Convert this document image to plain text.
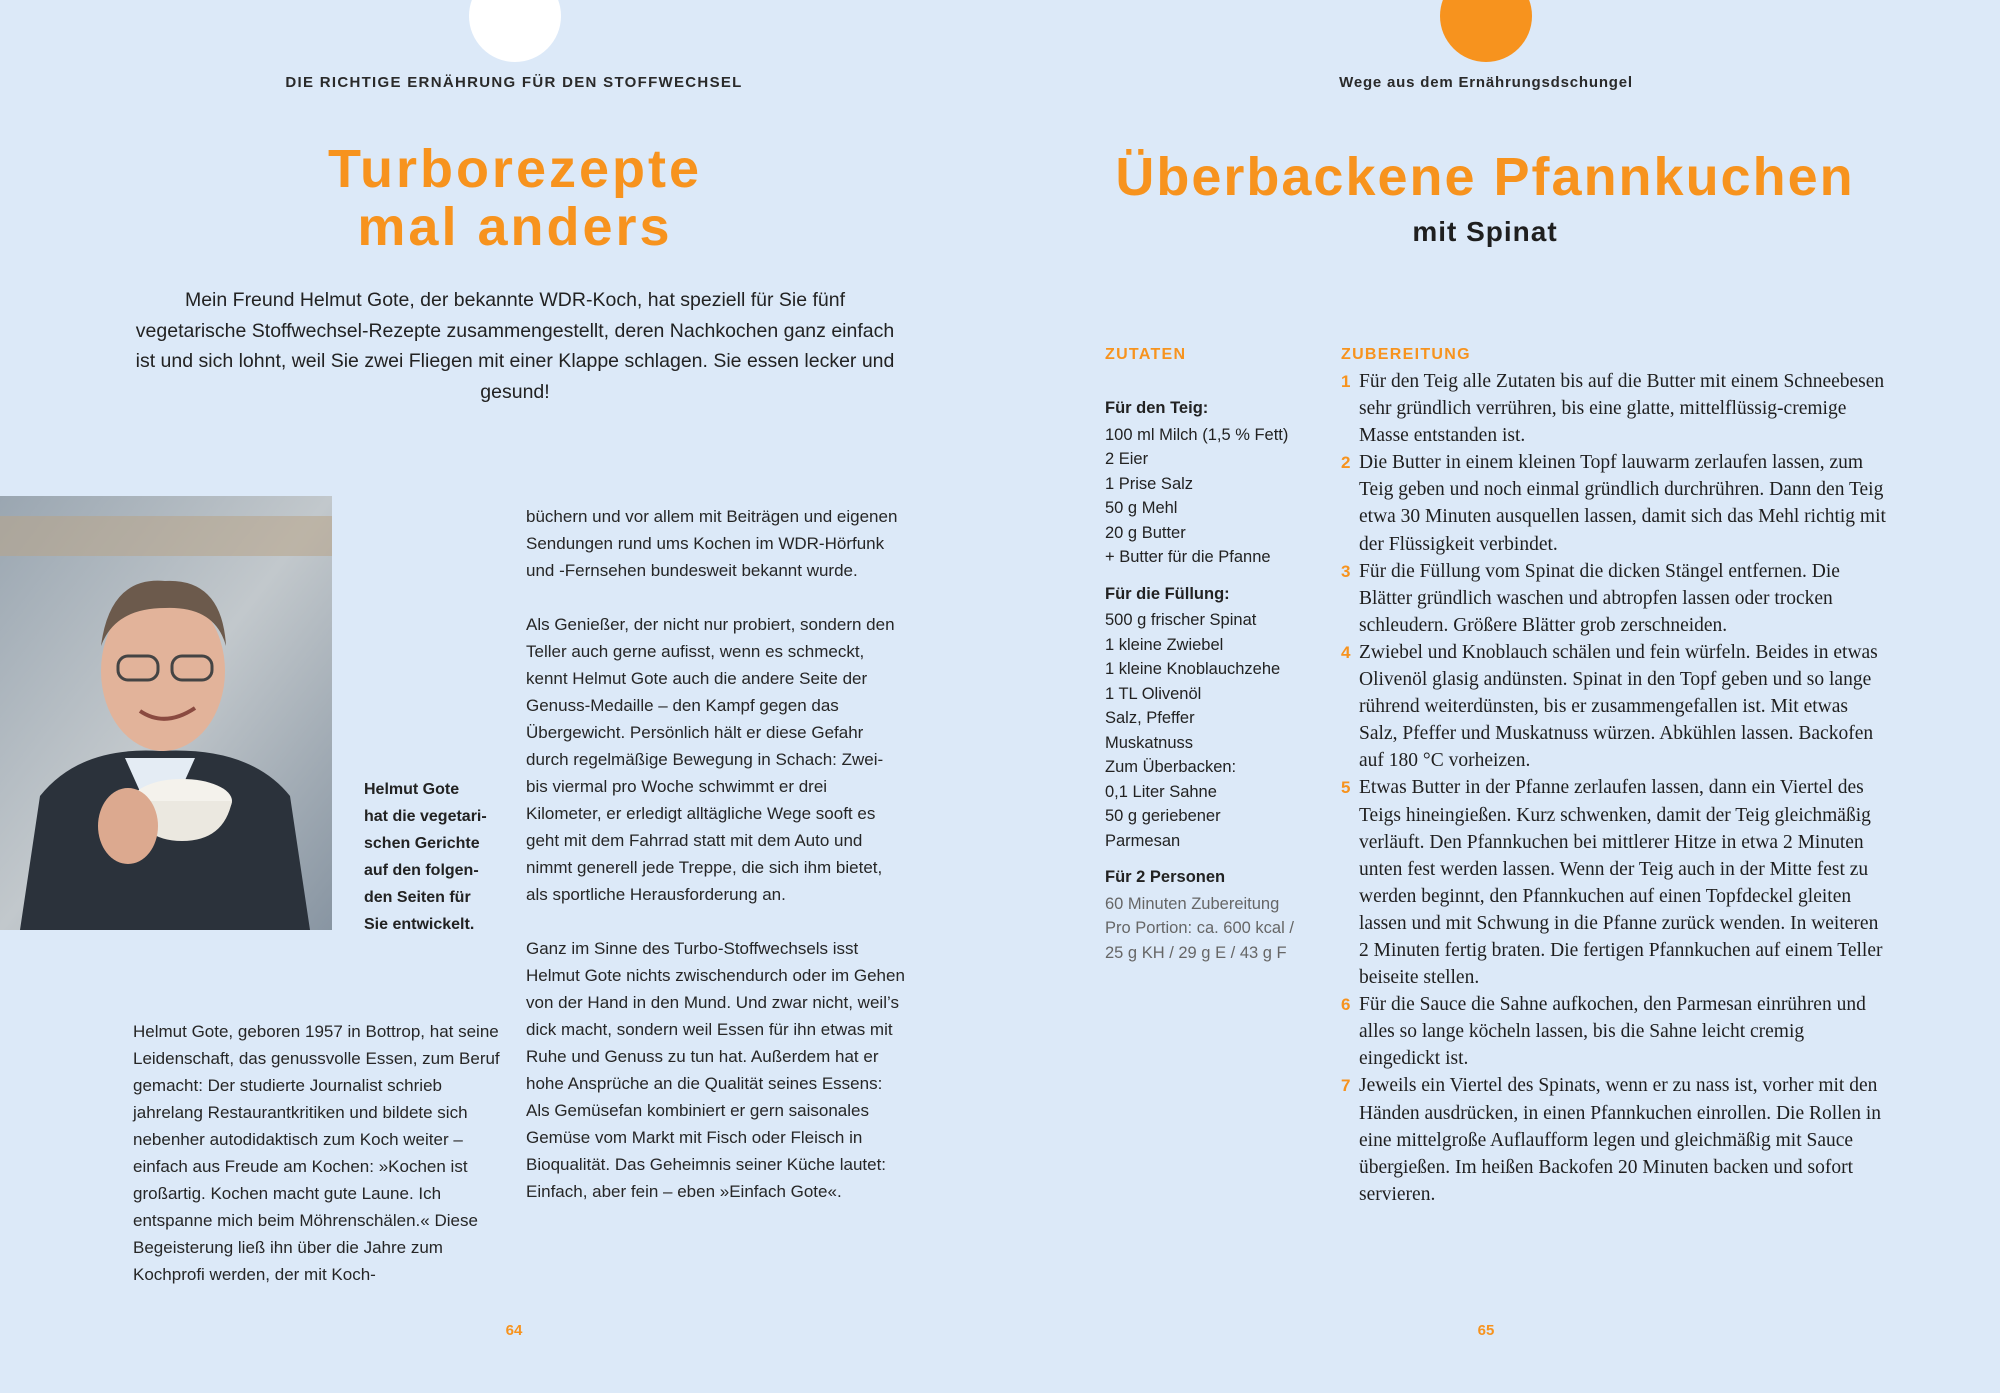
DIE RICHTIGE ERNÄHRUNG FÜR DEN STOFFWECHSEL
Turborezepte
mal anders
Mein Freund Helmut Gote, der bekannte WDR-Koch, hat speziell für Sie fünf vegetarische Stoffwechsel-Rezepte zusammengestellt, deren Nachkochen ganz einfach ist und sich lohnt, weil Sie zwei Fliegen mit einer Klappe schlagen. Sie essen lecker und gesund!
Helmut Gote
hat die vegetari-
schen Gerichte
auf den folgen-
den Seiten für
Sie entwickelt.

Helmut Gote, geboren 1957 in Bottrop, hat seine Leidenschaft, das genussvolle Essen, zum Beruf gemacht: Der studierte Journalist schrieb jahrelang Restaurantkritiken und bildete sich nebenher autodidaktisch zum Koch weiter – einfach aus Freude am Kochen: »Kochen ist großartig. Kochen macht gute Laune. Ich entspanne mich beim Möhrenschälen.« Diese Begeisterung ließ ihn über die Jahre zum Kochprofi werden, der mit Koch-

büchern und vor allem mit Beiträgen und eigenen Sendungen rund ums Kochen im WDR-Hörfunk und -Fernsehen bundesweit bekannt wurde.

Als Genießer, der nicht nur probiert, sondern den Teller auch gerne aufisst, wenn es schmeckt, kennt Helmut Gote auch die andere Seite der Genuss-Medaille – den Kampf gegen das Übergewicht. Persönlich hält er diese Gefahr durch regelmäßige Bewegung in Schach: Zwei- bis viermal pro Woche schwimmt er drei Kilometer, er erledigt alltägliche Wege sooft es geht mit dem Fahrrad statt mit dem Auto und nimmt generell jede Treppe, die sich ihm bietet, als sportliche Herausforderung an.

Ganz im Sinne des Turbo-Stoffwechsels isst Helmut Gote nichts zwischendurch oder im Gehen von der Hand in den Mund. Und zwar nicht, weil’s dick macht, sondern weil Essen für ihn etwas mit Ruhe und Genuss zu tun hat. Außerdem hat er hohe Ansprüche an die Qualität seines Essens: Als Gemüsefan kombiniert er gern saisonales Gemüse vom Markt mit Fisch oder Fleisch in Bioqualität. Das Geheimnis seiner Küche lautet: Einfach, aber fein – eben »Einfach Gote«.

64
Wege aus dem Ernährungsdschungel
Überbackene Pfannkuchen
mit Spinat
ZUTATEN	ZUBEREITUNG
Für den Teig:
100 ml Milch (1,5 % Fett)
2 Eier
1 Prise Salz
50 g Mehl
20 g Butter
+ Butter für die Pfanne
Für die Füllung:
500 g frischer Spinat
1 kleine Zwiebel
1 kleine Knoblauchzehe
1 TL Olivenöl
Salz, Pfeffer
Muskatnuss
Zum Überbacken:
0,1 Liter Sahne
50 g geriebener
Parmesan
Für 2 Personen
60 Minuten Zubereitung
Pro Portion: ca. 600 kcal /
25 g KH / 29 g E / 43 g F
1 Für den Teig alle Zutaten bis auf die Butter mit einem Schneebesen sehr gründlich verrühren, bis eine glatte, mittelflüssig-cremige Masse entstanden ist.
2 Die Butter in einem kleinen Topf lauwarm zerlaufen lassen, zum Teig geben und noch einmal gründlich durchrühren. Dann den Teig etwa 30 Minuten ausquellen lassen, damit sich das Mehl richtig mit der Flüssigkeit verbindet.
3 Für die Füllung vom Spinat die dicken Stängel entfernen. Die Blätter gründlich waschen und abtropfen lassen oder trocken schleudern. Größere Blätter grob zerschneiden.
4 Zwiebel und Knoblauch schälen und fein würfeln. Beides in etwas Olivenöl glasig andünsten. Spinat in den Topf geben und so lange rührend weiterdünsten, bis er zusammengefallen ist. Mit etwas Salz, Pfeffer und Muskatnuss würzen. Abkühlen lassen. Backofen auf 180 °C vorheizen.
5 Etwas Butter in der Pfanne zerlaufen lassen, dann ein Viertel des Teigs hineingießen. Kurz schwenken, damit der Teig gleichmäßig verläuft. Den Pfannkuchen bei mittlerer Hitze in etwa 2 Minuten unten fest werden lassen. Wenn der Teig auch in der Mitte fest zu werden beginnt, den Pfannkuchen auf einen Topfdeckel gleiten lassen und mit Schwung in die Pfanne zurück wenden. In weiteren 2 Minuten fertig braten. Die fertigen Pfannkuchen auf einem Teller beiseite stellen.
6 Für die Sauce die Sahne aufkochen, den Parmesan einrühren und alles so lange köcheln lassen, bis die Sahne leicht cremig eingedickt ist.
7 Jeweils ein Viertel des Spinats, wenn er zu nass ist, vorher mit den Händen ausdrücken, in einen Pfannkuchen einrollen. Die Rollen in eine mittelgroße Auflaufform legen und gleichmäßig mit Sauce übergießen. Im heißen Backofen 20 Minuten backen und sofort servieren.
65
